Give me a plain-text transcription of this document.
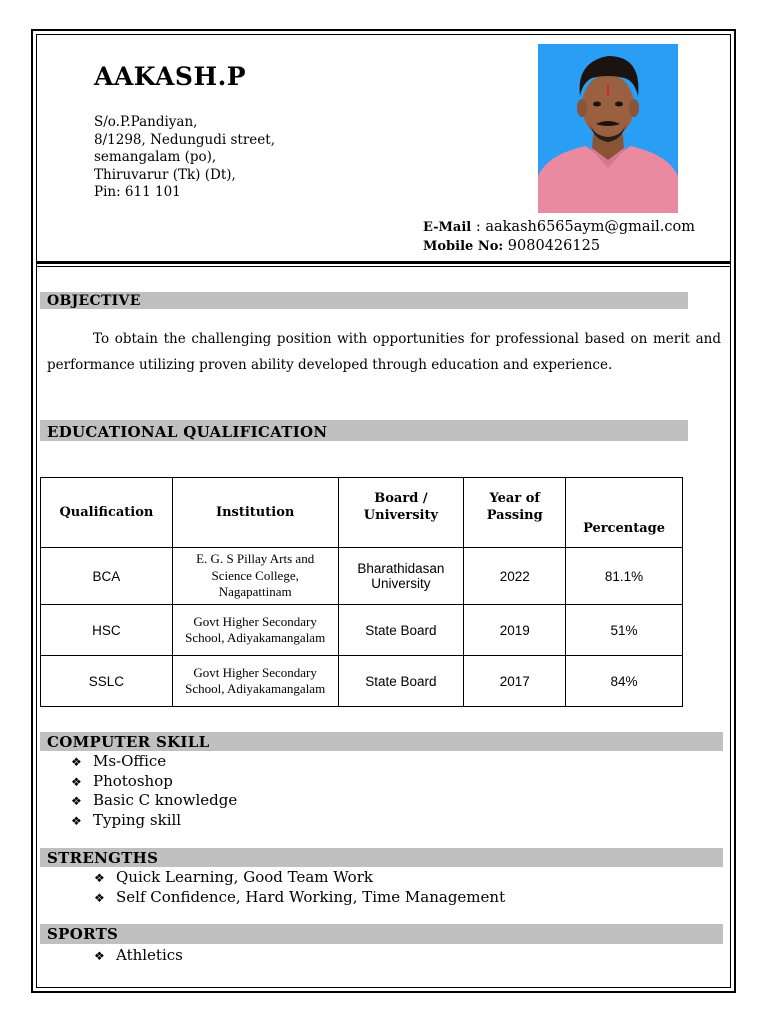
AAKASH.P
S/o.P.Pandiyan,
8/1298, Nedungudi street,
semangalam (po),
Thiruvarur (Tk) (Dt),
Pin: 611 101
E-Mail : aakash6565aym@gmail.com
Mobile No: 9080426125
OBJECTIVE
To obtain the challenging position with opportunities for professional based on merit and performance utilizing proven ability developed through education and experience.
EDUCATIONAL QUALIFICATION
Qualification	Institution	Board / University	Year of Passing	Percentage
BCA	E. G. S Pillay Arts and Science College, Nagapattinam	Bharathidasan University	2022	81.1%
HSC	Govt Higher Secondary School, Adiyakamangalam	State Board	2019	51%
SSLC	Govt Higher Secondary School, Adiyakamangalam	State Board	2017	84%
COMPUTER SKILL
❖ Ms-Office
❖ Photoshop
❖ Basic C knowledge
❖ Typing skill
STRENGTHS
❖ Quick Learning, Good Team Work
❖ Self Confidence, Hard Working, Time Management
SPORTS
❖ Athletics
